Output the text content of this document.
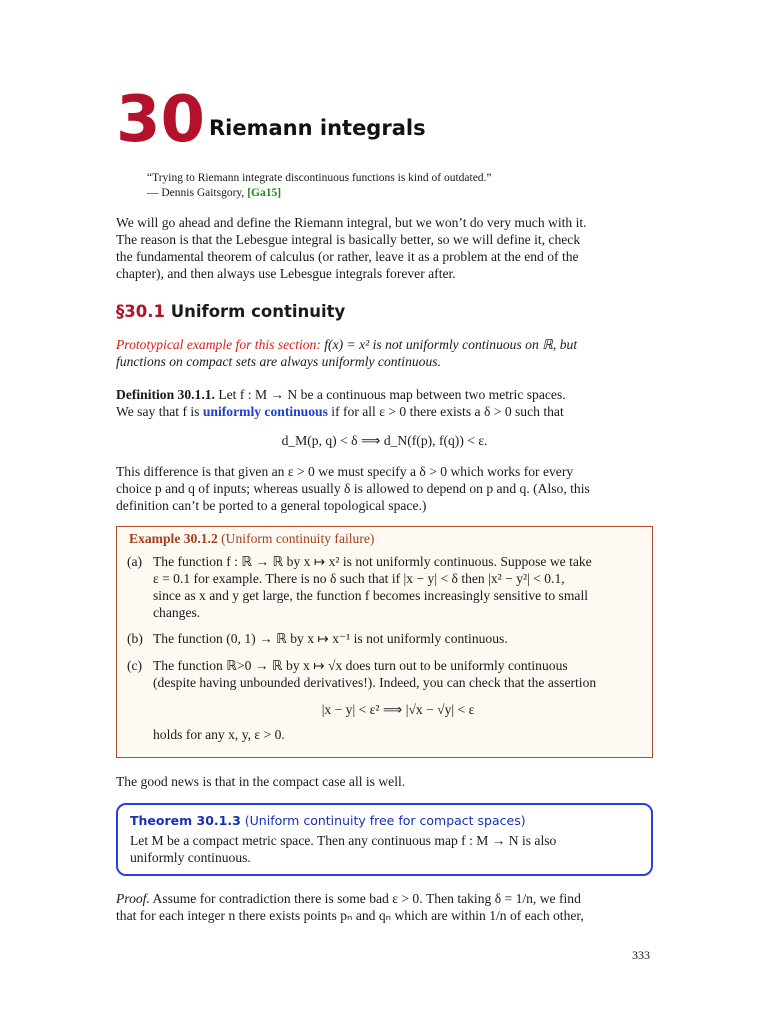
30 Riemann integrals
“Trying to Riemann integrate discontinuous functions is kind of outdated.”
— Dennis Gaitsgory, [Ga15]

We will go ahead and define the Riemann integral, but we won’t do very much with it.

The reason is that the Lebesgue integral is basically better, so we will define it, check

the fundamental theorem of calculus (or rather, leave it as a problem at the end of the

chapter), and then always use Lebesgue integrals forever after.

§30.1 Uniform continuity
Prototypical example for this section: f(x) = x² is not uniformly continuous on ℝ, but
functions on compact sets are always uniformly continuous.

Definition 30.1.1. Let f : M → N be a continuous map between two metric spaces.

We say that f is uniformly continuous if for all ε > 0 there exists a δ > 0 such that

d_M(p, q) < δ ⟹ d_N(f(p), f(q)) < ε.

This difference is that given an ε > 0 we must specify a δ > 0 which works for every

choice p and q of inputs; whereas usually δ is allowed to depend on p and q. (Also, this

definition can’t be ported to a general topological space.)

Example 30.1.2 (Uniform continuity failure)
(a) The function f : ℝ → ℝ by x ↦ x² is not uniformly continuous. Suppose we take
ε = 0.1 for example. There is no δ such that if |x − y| < δ then |x² − y²| < 0.1,
since as x and y get large, the function f becomes increasingly sensitive to small
changes.
(b) The function (0, 1) → ℝ by x ↦ x⁻¹ is not uniformly continuous.
(c) The function ℝ>0 → ℝ by x ↦ √x does turn out to be uniformly continuous
(despite having unbounded derivatives!). Indeed, you can check that the assertion
|x − y| < ε² ⟹ |√x − √y| < ε
holds for any x, y, ε > 0.

The good news is that in the compact case all is well.

Theorem 30.1.3 (Uniform continuity free for compact spaces)
Let M be a compact metric space. Then any continuous map f : M → N is also
uniformly continuous.

Proof. Assume for contradiction there is some bad ε > 0. Then taking δ = 1/n, we find

that for each integer n there exists points pₙ and qₙ which are within 1/n of each other,

333
